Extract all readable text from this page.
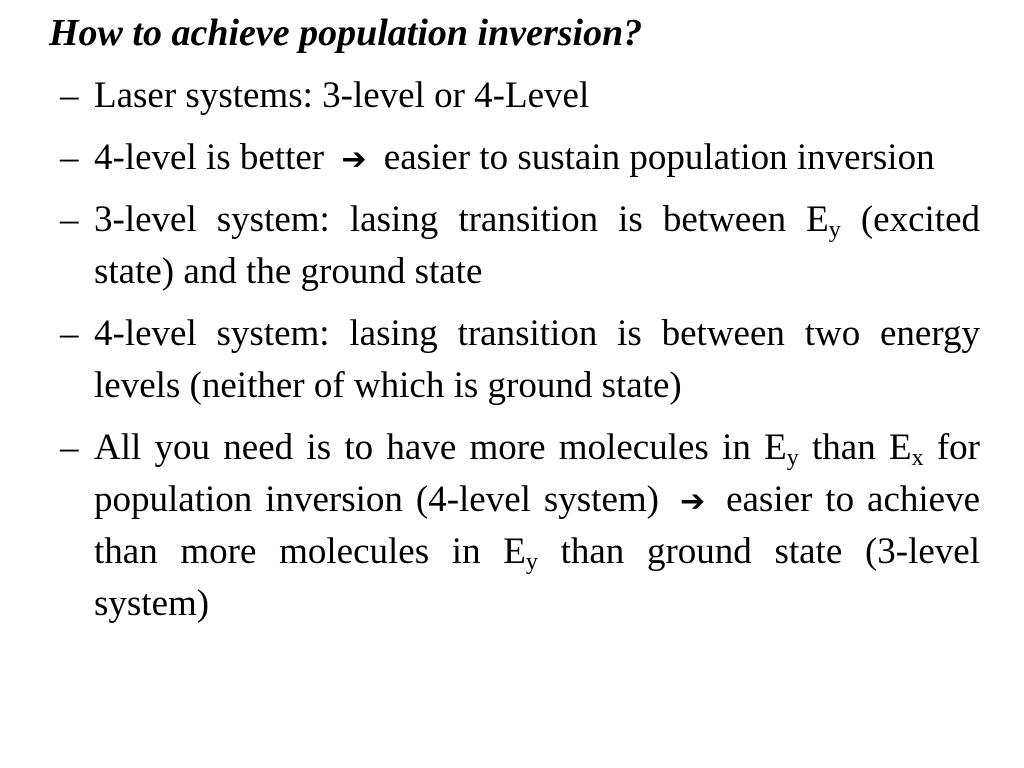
How to achieve population inversion?
– Laser systems: 3-level or 4-Level
– 4-level is better ➔ easier to sustain population inversion
– 3-level system: lasing transition is between $E_y$ (excited state) and the ground state
– 4-level system: lasing transition is between two energy levels (neither of which is ground state)
– All you need is to have more molecules in $E_y$ than $E_x$ for population inversion (4-level system) ➔ easier to achieve than more molecules in $E_y$ than ground state (3-level system)
